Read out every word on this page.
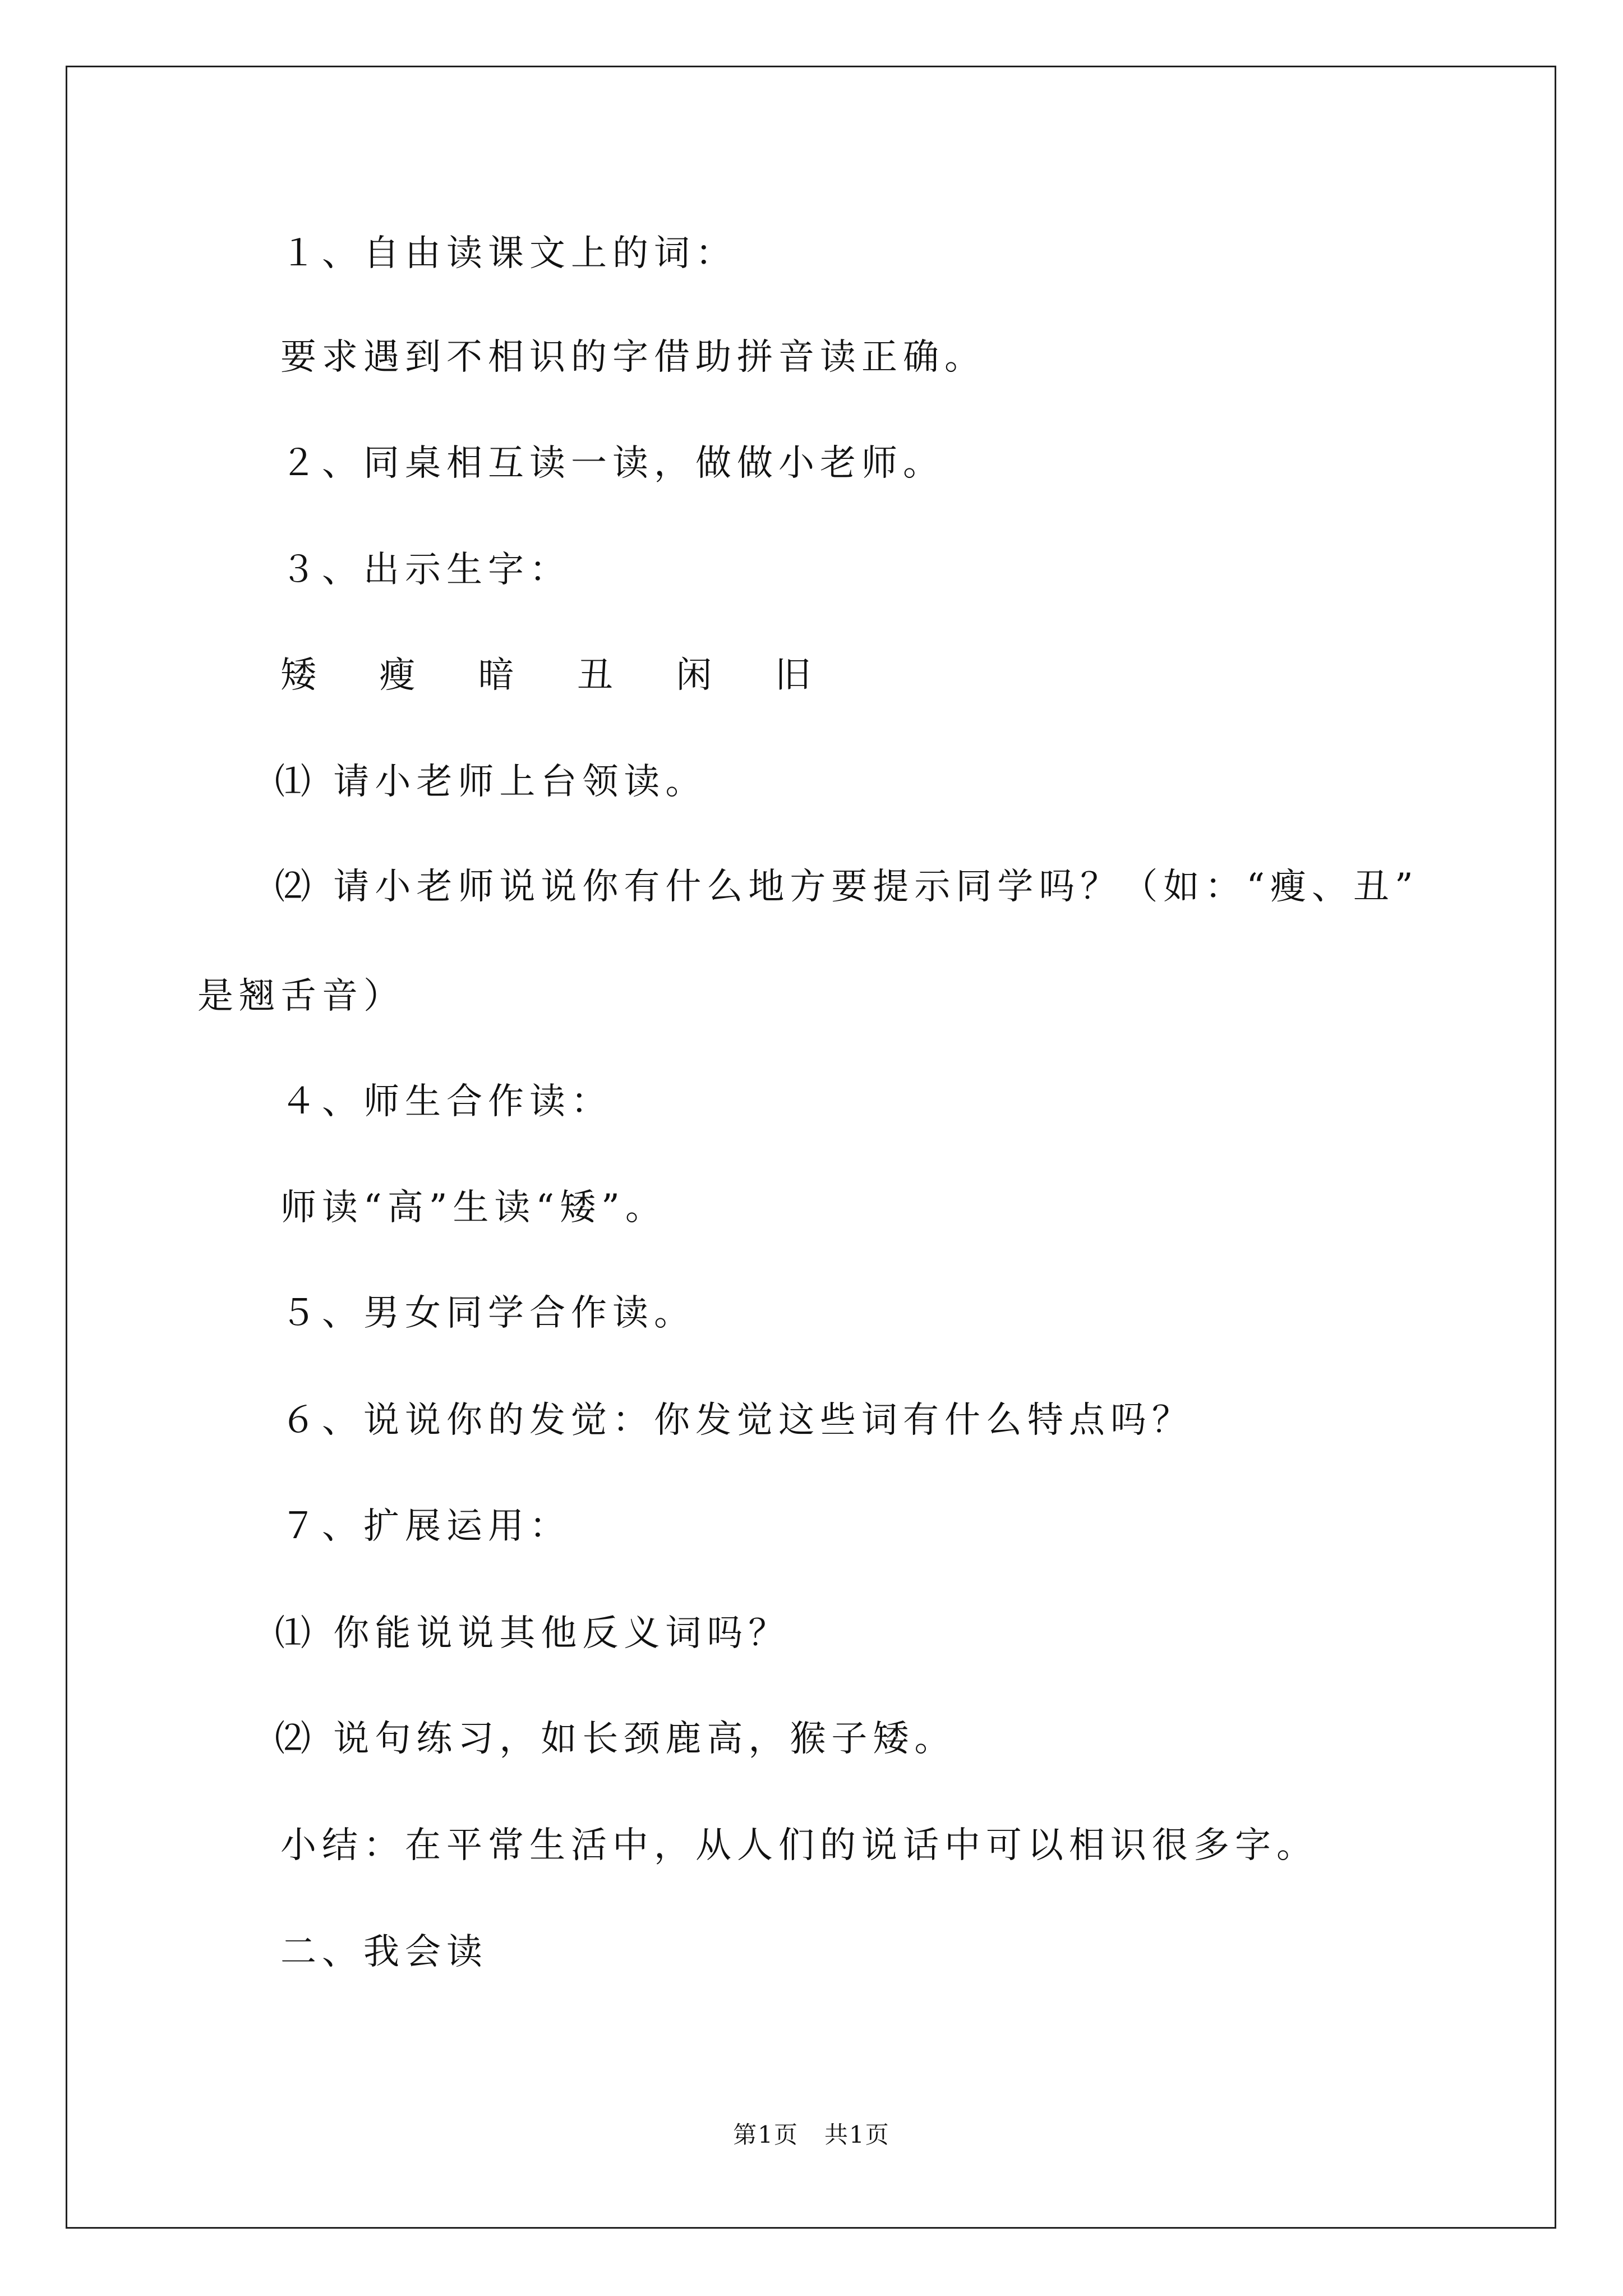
１、自由读课文上的词：
要求遇到不相识的字借助拼音读正确。
２、同桌相互读一读，做做小老师。
３、出示生字：
矮 瘦 暗 丑 闲 旧
⑴ 请小老师上台领读。
⑵ 请小老师说说你有什么地方要提示同学吗？（如：“瘦、丑”
是翘舌音）
４、师生合作读：
师读“高”生读“矮”。
５、男女同学合作读。
６、说说你的发觉：你发觉这些词有什么特点吗？
７、扩展运用：
⑴ 你能说说其他反义词吗？
⑵ 说句练习，如长颈鹿高，猴子矮。
小结：在平常生活中，从人们的说话中可以相识很多字。
二、我会读
第1页   共1页
